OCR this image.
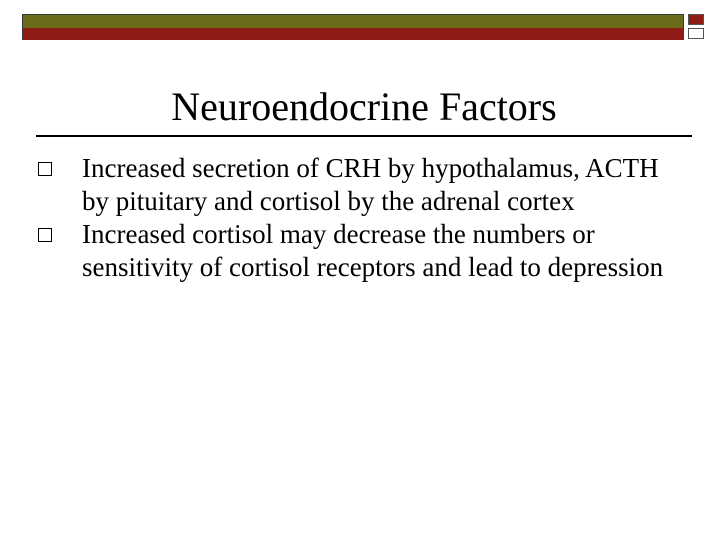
Neuroendocrine Factors
Increased secretion of CRH by hypothalamus, ACTH by pituitary and cortisol by the adrenal cortex
Increased cortisol may decrease the numbers or sensitivity of cortisol receptors and lead to depression
